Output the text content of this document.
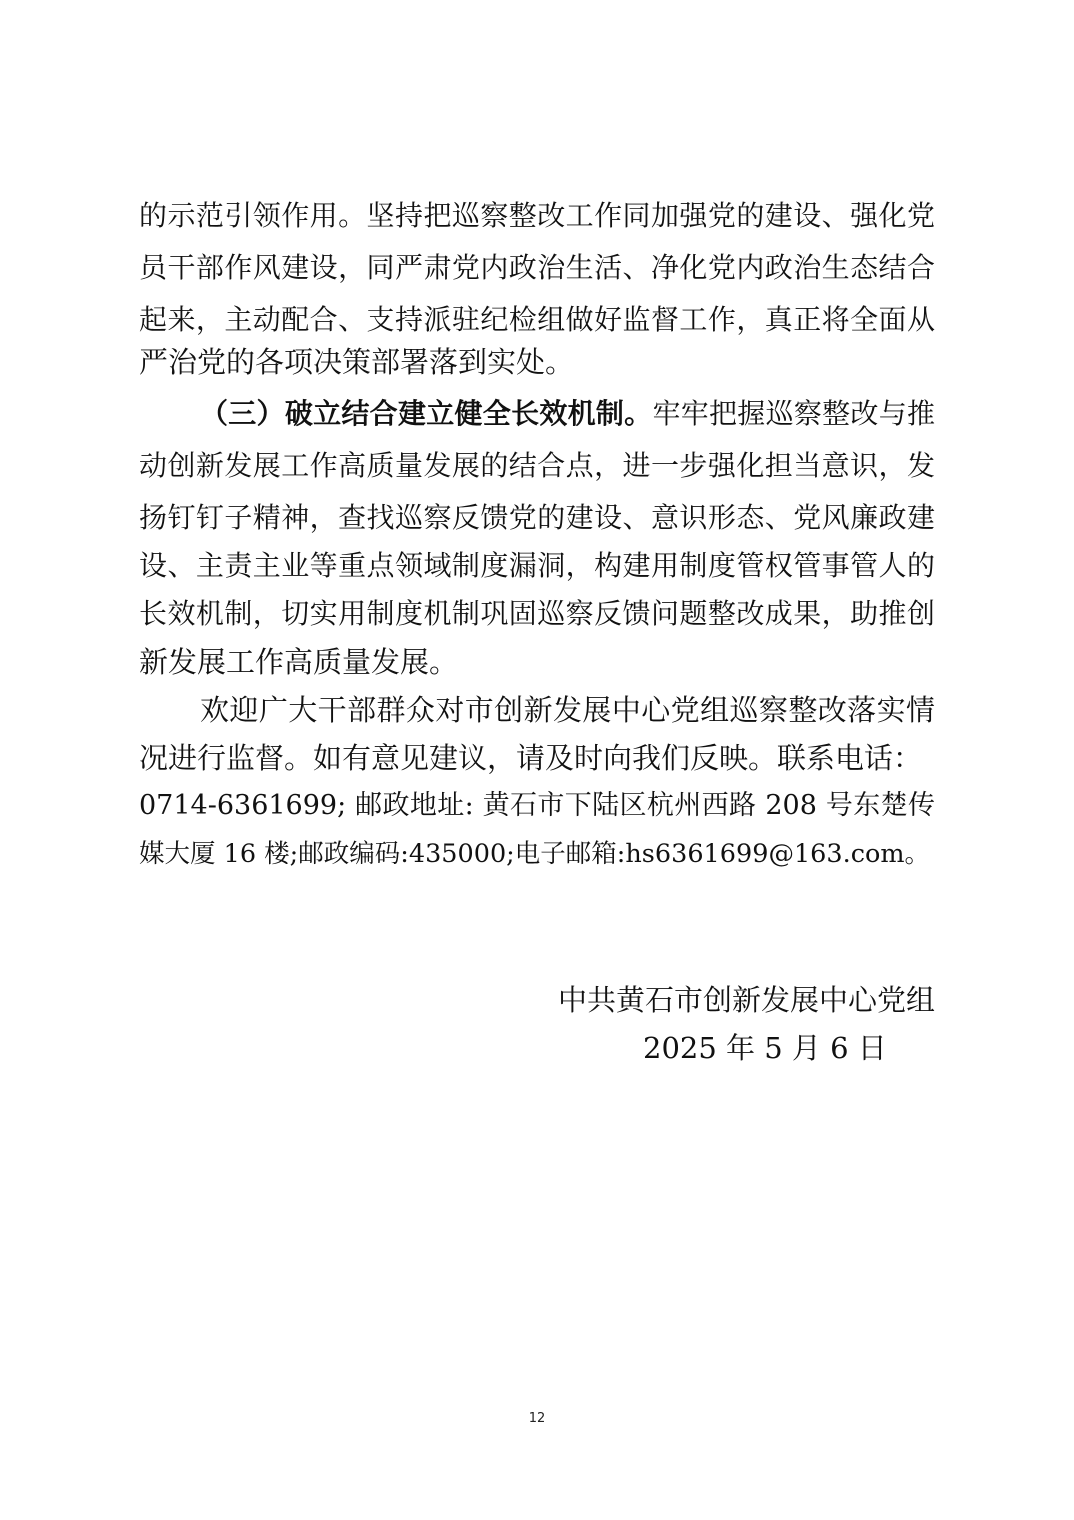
的示范引领作用。坚持把巡察整改工作同加强党的建设、强化党
员干部作风建设，同严肃党内政治生活、净化党内政治生态结合
起来，主动配合、支持派驻纪检组做好监督工作，真正将全面从
严治党的各项决策部署落到实处。
（三）破立结合建立健全长效机制。牢牢把握巡察整改与推
动创新发展工作高质量发展的结合点，进一步强化担当意识，发
扬钉钉子精神，查找巡察反馈党的建设、意识形态、党风廉政建
设、主责主业等重点领域制度漏洞，构建用制度管权管事管人的
长效机制，切实用制度机制巩固巡察反馈问题整改成果，助推创
新发展工作高质量发展。
欢迎广大干部群众对市创新发展中心党组巡察整改落实情
况进行监督。如有意见建议，请及时向我们反映。联系电话：
0714-6361699; 邮政地址: 黄石市下陆区杭州西路 208 号东楚传
媒大厦 16 楼;邮政编码:435000;电子邮箱:hs6361699@163.com。
中共黄石市创新发展中心党组
2025 年 5 月 6 日
12
